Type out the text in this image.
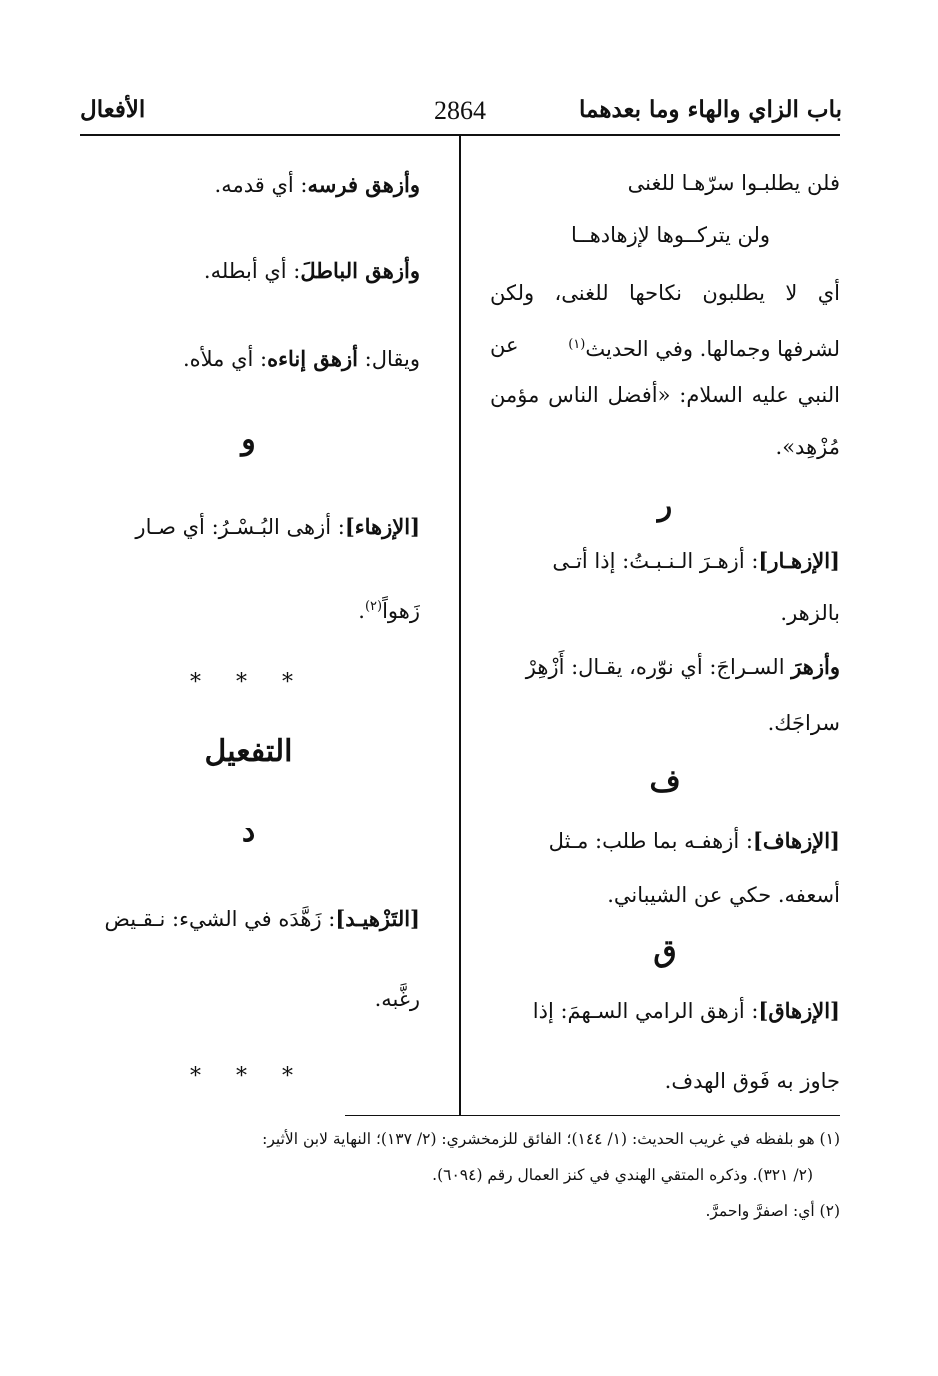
باب الزاي والهاء وما بعدهما
2864
الأفعال
فلن يطلبـوا سرّهـا للغنى
ولن يتركــوها لإزهادهــا
أي لا يطلبون نكاحها للغنى، ولكن
لشرفها وجمالها. وفي الحديث$^{(١)}$
عن
النبي عليه السلام: «أفضل الناس مؤمن
مُزْهِد».
ر
[الإزهـار]: أزهـرَ الـنـبـتُ: إذا أتـى
بالزهر.
وأزهرَ السـراجَ: أي نوّره، يقـال: أَزْهِرْ
سراجَك.
ف
[الإزهاف]: أزهفـه بما طلب: مـثل
أسعفه. حكي عن الشيباني.
ق
[الإزهاق]: أزهق الرامي السـهمَ: إذا
جاوز به فَوق الهدف.
وأزهق فرسه: أي قدمه.
وأزهق الباطلَ: أي أبطله.
ويقال: أزهق إناءه: أي ملأه.
و
[الإزهاء]: أزهى البُـسْـرُ: أي صـار
زَهواً$^{(٢)}$.
* * *
التفعيل
د
[التَزْهيـد]: زَهَّدَه في الشيء: نـقـيض
رغَّبه.
* * *
(١) هو بلفظه في غريب الحديث: (١/ ١٤٤)؛ الفائق للزمخشري: (٢/ ١٣٧)؛ النهاية لابن الأثير:
(٢/ ٣٢١). وذكره المتقي الهندي في كنز العمال رقم (٦٠٩٤).
(٢) أي: اصفرَّ واحمرَّ.
